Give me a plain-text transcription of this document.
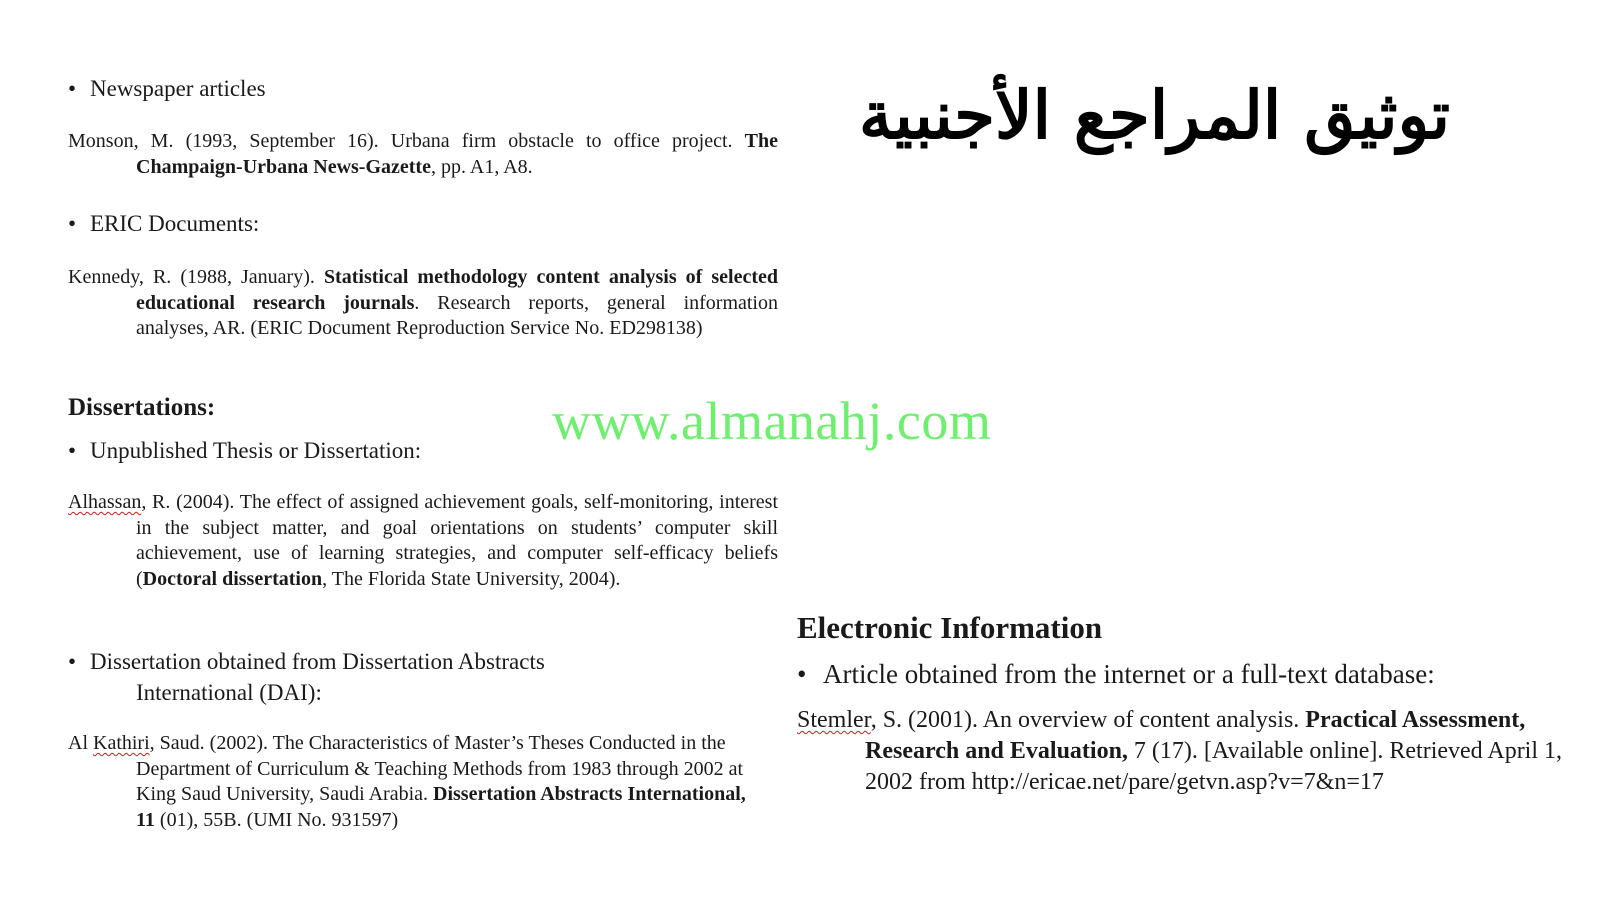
توثيق المراجع الأجنبية
• Newspaper articles
Monson, M. (1993, September 16). Urbana firm obstacle to office project. The Champaign-Urbana News-Gazette, pp. A1, A8.
• ERIC Documents:
Kennedy, R. (1988, January). Statistical methodology content analysis of selected educational research journals. Research reports, general information analyses, AR. (ERIC Document Reproduction Service No. ED298138)
Dissertations:
• Unpublished Thesis or Dissertation:
Alhassan, R. (2004). The effect of assigned achievement goals, self-monitoring, interest in the subject matter, and goal orientations on students’ computer skill achievement, use of learning strategies, and computer self-efficacy beliefs (Doctoral dissertation, The Florida State University, 2004).
• Dissertation obtained from Dissertation Abstracts
International (DAI):
Al Kathiri, Saud. (2002). The Characteristics of Master’s Theses Conducted in the Department of Curriculum & Teaching Methods from 1983 through 2002 at King Saud University, Saudi Arabia. Dissertation Abstracts International, 11 (01), 55B. (UMI No. 931597)
www.almanahj.com
Electronic Information
• Article obtained from the internet or a full-text database:
Stemler, S. (2001). An overview of content analysis. Practical Assessment, Research and Evaluation, 7 (17). [Available online]. Retrieved April 1, 2002 from http://ericae.net/pare/getvn.asp?v=7&n=17
